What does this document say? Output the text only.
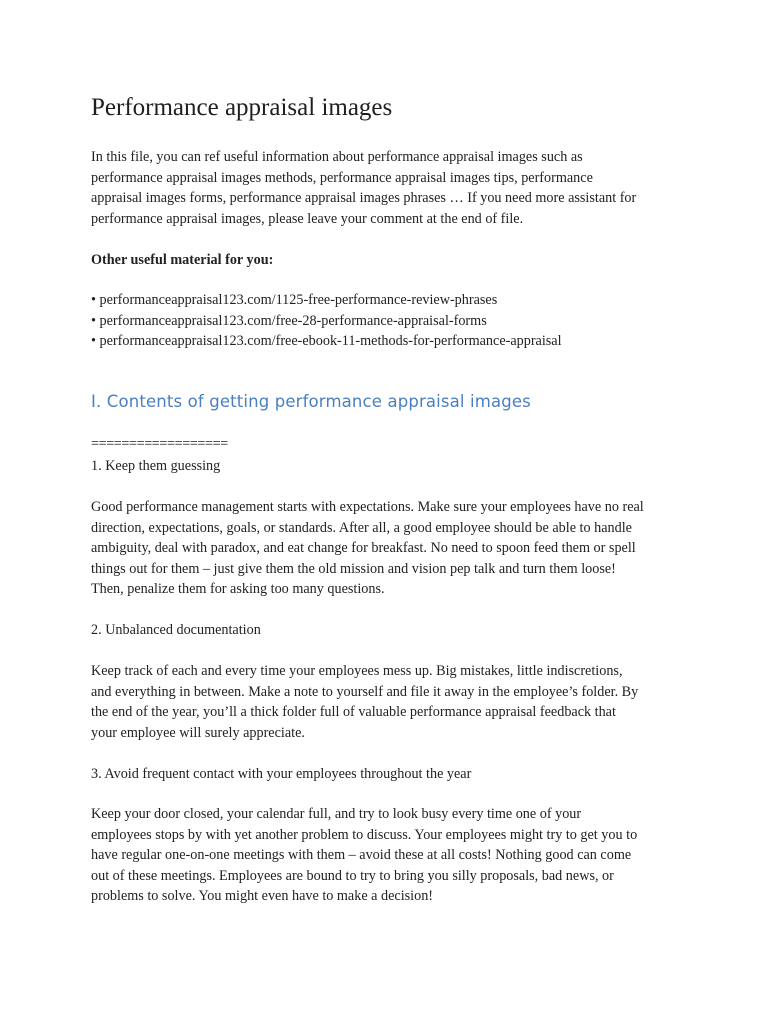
Performance appraisal images

In this file, you can ref useful information about performance appraisal images such as
performance appraisal images methods, performance appraisal images tips, performance
appraisal images forms, performance appraisal images phrases … If you need more assistant for
performance appraisal images, please leave your comment at the end of file.

Other useful material for you:

• performanceappraisal123.com/1125-free-performance-review-phrases
• performanceappraisal123.com/free-28-performance-appraisal-forms
• performanceappraisal123.com/free-ebook-11-methods-for-performance-appraisal
I. Contents of getting performance appraisal images
==================

1. Keep them guessing

Good performance management starts with expectations. Make sure your employees have no real
direction, expectations, goals, or standards. After all, a good employee should be able to handle
ambiguity, deal with paradox, and eat change for breakfast. No need to spoon feed them or spell
things out for them – just give them the old mission and vision pep talk and turn them loose!
Then, penalize them for asking too many questions.

2. Unbalanced documentation

Keep track of each and every time your employees mess up. Big mistakes, little indiscretions,
and everything in between. Make a note to yourself and file it away in the employee’s folder. By
the end of the year, you’ll a thick folder full of valuable performance appraisal feedback that
your employee will surely appreciate.

3. Avoid frequent contact with your employees throughout the year

Keep your door closed, your calendar full, and try to look busy every time one of your
employees stops by with yet another problem to discuss. Your employees might try to get you to
have regular one-on-one meetings with them – avoid these at all costs! Nothing good can come
out of these meetings. Employees are bound to try to bring you silly proposals, bad news, or
problems to solve. You might even have to make a decision!
